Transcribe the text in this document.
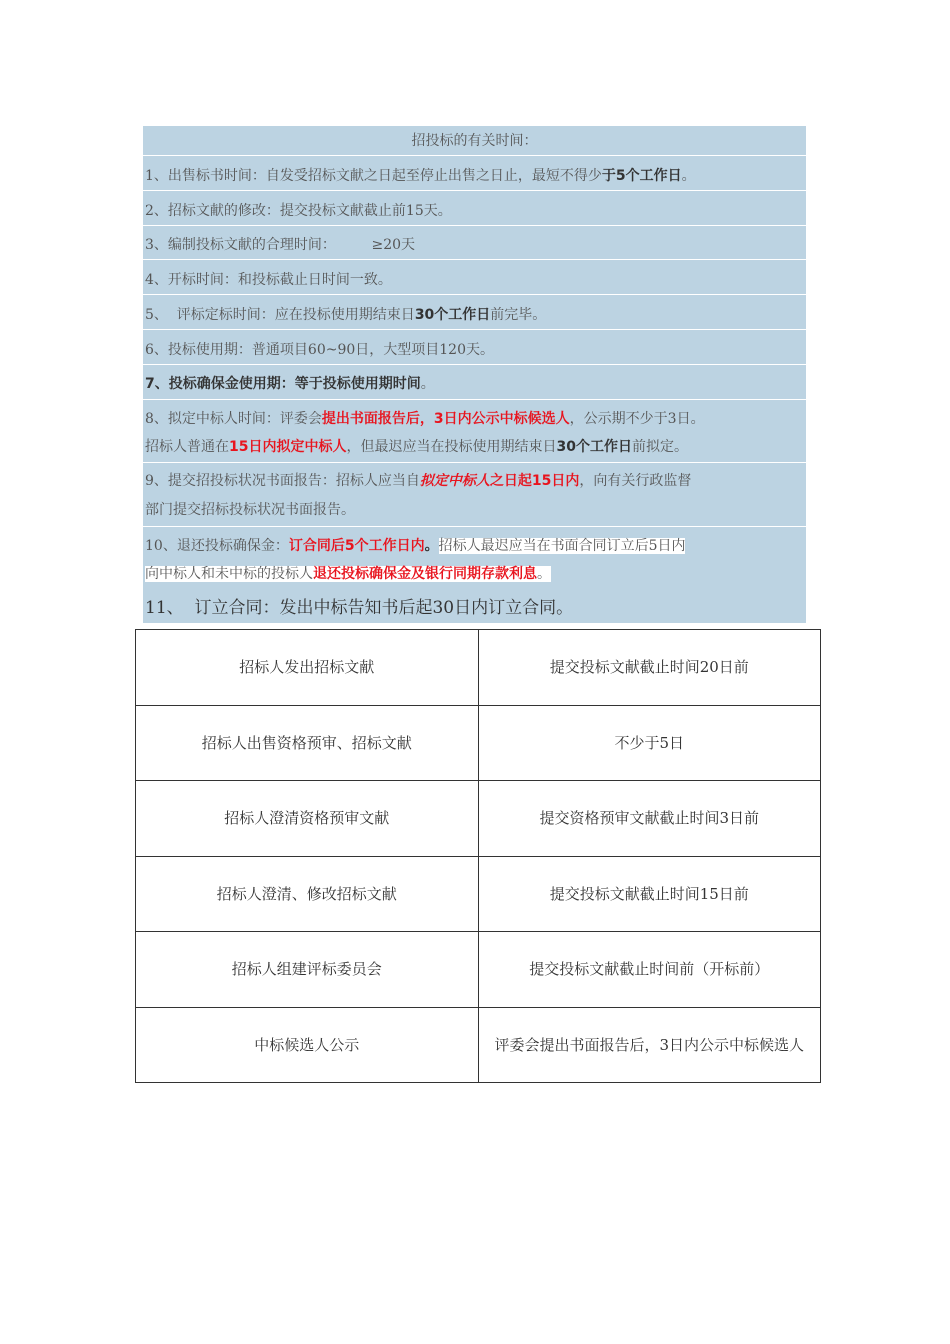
招投标的有关时间：
1、出售标书时间：自发受招标文献之日起至停止出售之日止，最短不得少于5个工作日。
2、招标文献的修改：提交投标文献截止前15天。
3、编制投标文献的合理时间：        ≥20天
4、开标时间：和投标截止日时间一致。
5、  评标定标时间：应在投标使用期结束日30个工作日前完毕。
6、投标使用期：普通项目60~90日，大型项目120天。
7、投标确保金使用期：等于投标使用期时间。
8、拟定中标人时间：评委会提出书面报告后，3日内公示中标候选人，公示期不少于3日。
招标人普通在15日内拟定中标人，但最迟应当在投标使用期结束日30个工作日前拟定。
9、提交招投标状况书面报告：招标人应当自拟定中标人之日起15日内，向有关行政监督
部门提交招标投标状况书面报告。
10、退还投标确保金：订合同后5个工作日内。招标人最迟应当在书面合同订立后5日内
向中标人和未中标的投标人退还投标确保金及银行同期存款利息。
11、  订立合同：发出中标告知书后起30日内订立合同。
招标人发出招标文献	提交投标文献截止时间20日前
招标人出售资格预审、招标文献	不少于5日
招标人澄清资格预审文献	提交资格预审文献截止时间3日前
招标人澄清、修改招标文献	提交投标文献截止时间15日前
招标人组建评标委员会	提交投标文献截止时间前（开标前）
中标候选人公示	评委会提出书面报告后，3日内公示中标候选人
